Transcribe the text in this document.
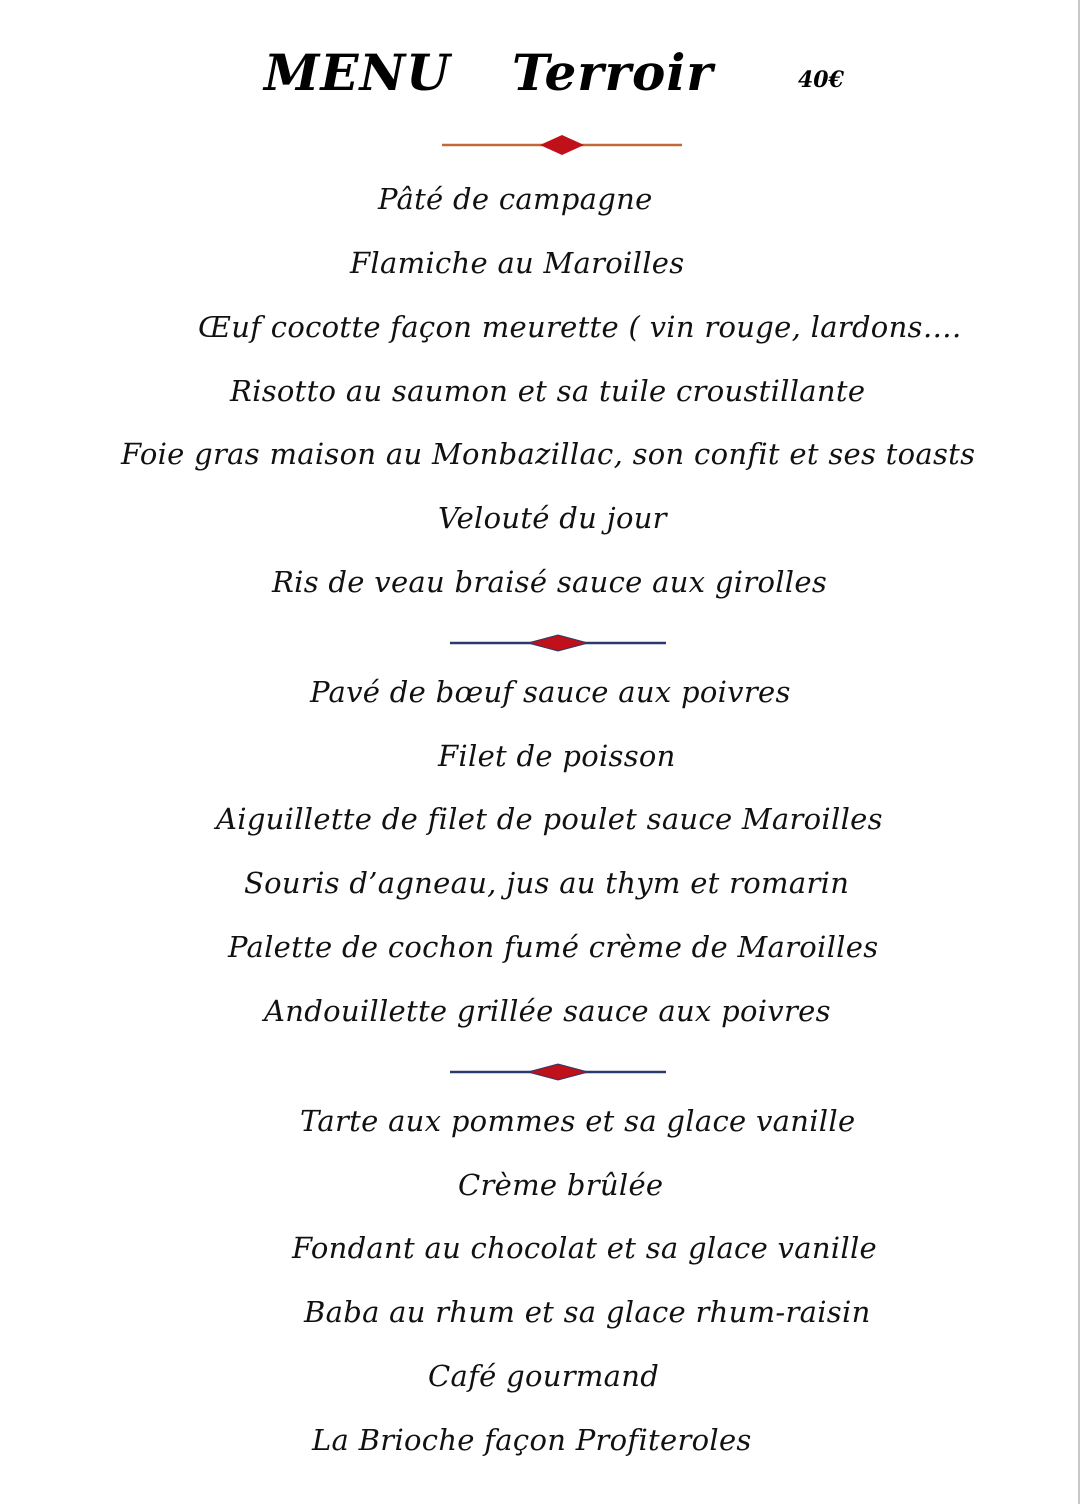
MENU Terroir	40€
Pâté de campagne
Flamiche au Maroilles
Œuf cocotte façon meurette ( vin rouge, lardons….
Risotto au saumon et sa tuile croustillante
Foie gras maison au Monbazillac, son confit et ses toasts
Velouté du jour
Ris de veau braisé sauce aux girolles
Pavé de bœuf sauce aux poivres
Filet de poisson
Aiguillette de filet de poulet sauce Maroilles
Souris d’agneau, jus au thym et romarin
Palette de cochon fumé crème de Maroilles
Andouillette grillée sauce aux poivres
Tarte aux pommes et sa glace vanille
Crème brûlée
Fondant au chocolat et sa glace vanille
Baba au rhum et sa glace rhum-raisin
Café gourmand
La Brioche façon Profiteroles
